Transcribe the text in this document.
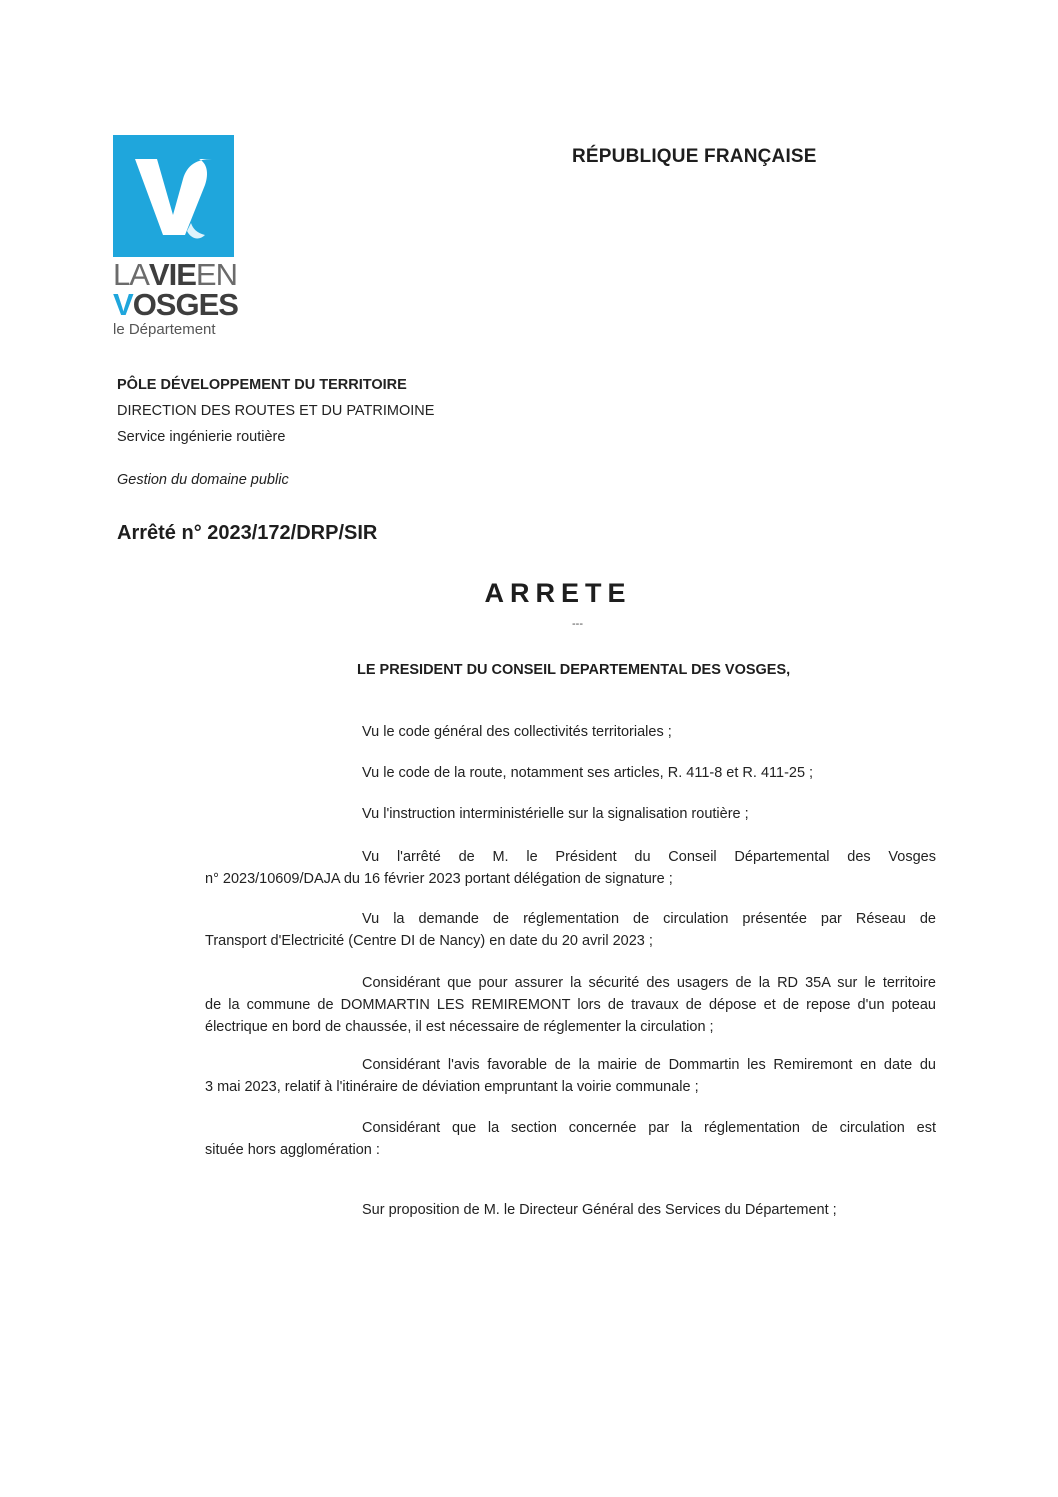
LAVIEEN
VOSGES
le Département
RÉPUBLIQUE FRANÇAISE
PÔLE DÉVELOPPEMENT DU TERRITOIRE
DIRECTION DES ROUTES ET DU PATRIMOINE
Service ingénierie routière
Gestion du domaine public
Arrêté n° 2023/172/DRP/SIR
ARRETE
---
LE PRESIDENT DU CONSEIL DEPARTEMENTAL DES VOSGES,
Vu le code général des collectivités territoriales ;
Vu le code de la route, notamment ses articles, R. 411-8 et R. 411-25 ;
Vu l'instruction interministérielle sur la signalisation routière ;
Vu l'arrêté de M. le Président du Conseil Départemental des Vosges
n° 2023/10609/DAJA du 16 février 2023 portant délégation de signature ;
Vu la demande de réglementation de circulation présentée par Réseau de
Transport d'Electricité (Centre DI de Nancy) en date du 20 avril 2023 ;
Considérant que pour assurer la sécurité des usagers de la RD 35A sur le territoire
de la commune de DOMMARTIN LES REMIREMONT lors de travaux de dépose et de repose d'un poteau
électrique en bord de chaussée, il est nécessaire de réglementer la circulation ;
Considérant l'avis favorable de la mairie de Dommartin les Remiremont en date du
3 mai 2023, relatif à l'itinéraire de déviation empruntant la voirie communale ;
Considérant que la section concernée par la réglementation de circulation est
située hors agglomération :
Sur proposition de M. le Directeur Général des Services du Département ;
